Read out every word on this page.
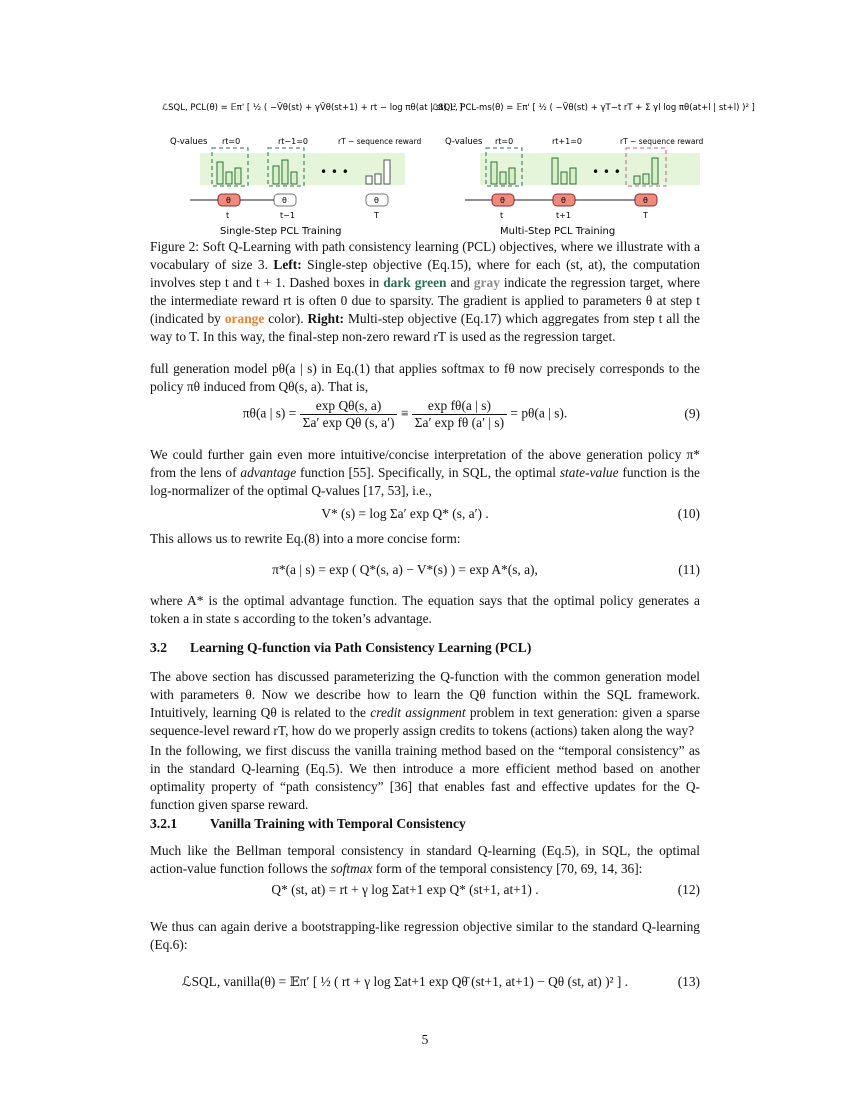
ℒSQL, PCL(θ) = 𝔼π' [ ½ ( −V̄θ(st) + γV̄θ(st+1) + rt − log πθ(at | st) )² ]
ℒSQL, PCL-ms(θ) = 𝔼π' [ ½ ( −V̄θ(st) + γT−t rT + Σ γl log πθ(at+l | st+l) )² ]
Q-values rt=0	rt−1=0	rT − sequence reward
• • •
θ	θ	θ
t	t−1	T
Single-Step PCL Training
Q-values rt=0	rt+1=0	rT − sequence reward
• • •
θ	θ	θ
t	t+1	T
Multi-Step PCL Training
Figure 2: Soft Q-Learning with path consistency learning (PCL) objectives, where we illustrate with a vocabulary of size 3. Left: Single-step objective (Eq.15), where for each (st, at), the computation involves step t and t + 1. Dashed boxes in dark green and gray indicate the regression target, where the intermediate reward rt is often 0 due to sparsity. The gradient is applied to parameters θ at step t (indicated by orange color). Right: Multi-step objective (Eq.17) which aggregates from step t all the way to T. In this way, the final-step non-zero reward rT is used as the regression target.
full generation model pθ(a | s) in Eq.(1) that applies softmax to fθ now precisely corresponds to the policy πθ induced from Qθ(s, a). That is,
πθ(a | $s) = \frac{\text{exp Qθ(s, a)}}{\text{Σa′ exp Qθ (s, a′)}} \equiv \frac{\text{exp fθ(a | s)}}{\text{Σa′ exp fθ (a′ | s)}} = p\theta(a$ | s).	(9)
We could further gain even more intuitive/concise interpretation of the above generation policy π* from the lens of advantage function [55]. Specifically, in SQL, the optimal state-value function is the log-normalizer of the optimal Q-values [17, 53], i.e.,
V* (s) = log Σa′ exp Q* (s, a′) .	(10)
This allows us to rewrite Eq.(8) into a more concise form:
π*(a | s) = exp ( Q*(s, a) − V*(s) ) = exp A*(s, a),	(11)
where A* is the optimal advantage function. The equation says that the optimal policy generates a token a in state s according to the token’s advantage.
3.2 Learning Q-function via Path Consistency Learning (PCL)
The above section has discussed parameterizing the Q-function with the common generation model with parameters θ. Now we describe how to learn the Qθ function within the SQL framework. Intuitively, learning Qθ is related to the credit assignment problem in text generation: given a sparse sequence-level reward rT, how do we properly assign credits to tokens (actions) taken along the way?
In the following, we first discuss the vanilla training method based on the “temporal consistency” as in the standard Q-learning (Eq.5). We then introduce a more efficient method based on another optimality property of “path consistency” [36] that enables fast and effective updates for the Q-function given sparse reward.
3.2.1 Vanilla Training with Temporal Consistency
Much like the Bellman temporal consistency in standard Q-learning (Eq.5), in SQL, the optimal action-value function follows the softmax form of the temporal consistency [70, 69, 14, 36]:
Q* (st, at) = rt + γ log Σat+1 exp Q* (st+1, at+1) .	(12)
We thus can again derive a bootstrapping-like regression objective similar to the standard Q-learning (Eq.6):
ℒSQL, vanilla(θ) = 𝔼π′ [ ½ ( rt + γ log Σat+1 exp Qθ̄ (st+1, at+1) − Qθ (st, at) )² ] .	(13)
5
